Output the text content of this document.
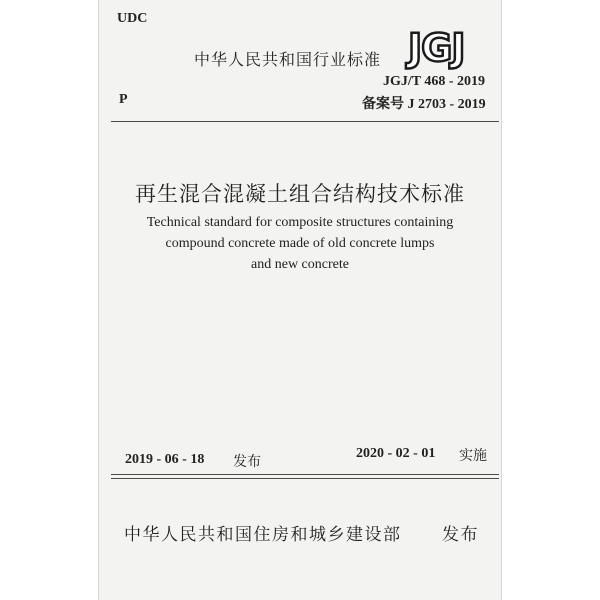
UDC
P
中华人民共和国行业标准 JGJ
JGJ/T 468 - 2019
备案号 J 2703 - 2019
再生混合混凝土组合结构技术标准
Technical standard for composite structures containing
compound concrete made of old concrete lumps
and new concrete
2019 - 06 - 18 发布
2020 - 02 - 01 实施
中华人民共和国住房和城乡建设部 发布
